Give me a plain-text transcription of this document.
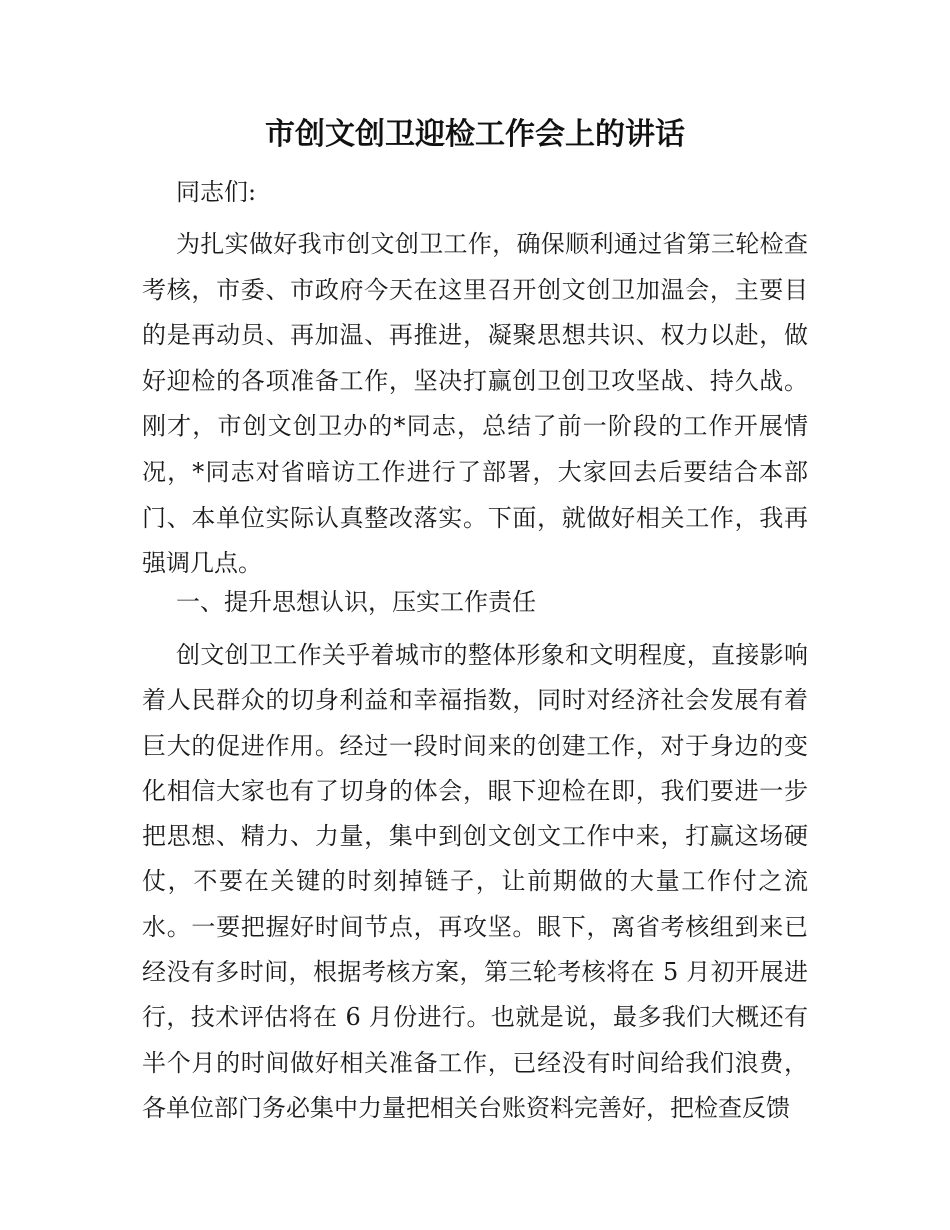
市创文创卫迎检工作会上的讲话

同志们:

为扎实做好我市创文创卫工作，确保顺利通过省第三轮检查考核，市委、市政府今天在这里召开创文创卫加温会，主要目的是再动员、再加温、再推进，凝聚思想共识、权力以赴，做好迎检的各项准备工作，坚决打赢创卫创卫攻坚战、持久战。刚才，市创文创卫办的*同志，总结了前一阶段的工作开展情况，*同志对省暗访工作进行了部署，大家回去后要结合本部门、本单位实际认真整改落实。下面，就做好相关工作，我再强调几点。

一、提升思想认识，压实工作责任

创文创卫工作关乎着城市的整体形象和文明程度，直接影响着人民群众的切身利益和幸福指数，同时对经济社会发展有着巨大的促进作用。经过一段时间来的创建工作，对于身边的变化相信大家也有了切身的体会，眼下迎检在即，我们要进一步把思想、精力、力量，集中到创文创文工作中来，打赢这场硬仗，不要在关键的时刻掉链子，让前期做的大量工作付之流水。一要把握好时间节点，再攻坚。眼下，离省考核组到来已经没有多时间，根据考核方案，第三轮考核将在 5 月初开展进行，技术评估将在 6 月份进行。也就是说，最多我们大概还有半个月的时间做好相关准备工作，已经没有时间给我们浪费，各单位部门务必集中力量把相关台账资料完善好，把检查反馈
